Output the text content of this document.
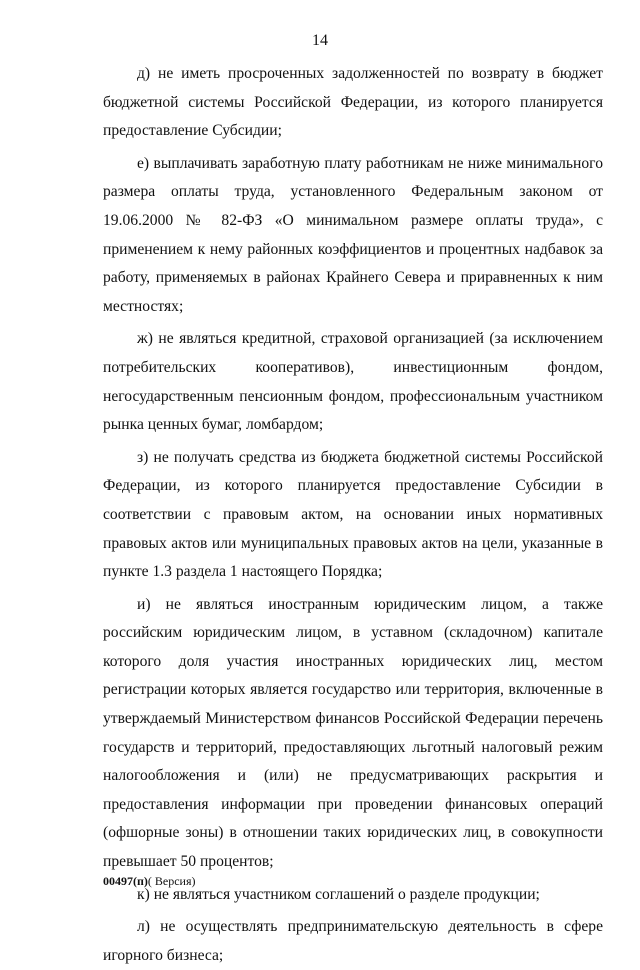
14

д) не иметь просроченных задолженностей по возврату в бюджет бюджетной системы Российской Федерации, из которого планируется предоставление Субсидии;

е) выплачивать заработную плату работникам не ниже минимального размера оплаты труда, установленного Федеральным законом от 19.06.2000 № 82-ФЗ «О минимальном размере оплаты труда», с применением к нему районных коэффициентов и процентных надбавок за работу, применяемых в районах Крайнего Севера и приравненных к ним местностях;

ж) не являться кредитной, страховой организацией (за исключением потребительских кооперативов), инвестиционным фондом, негосударственным пенсионным фондом, профессиональным участником рынка ценных бумаг, ломбардом;

з) не получать средства из бюджета бюджетной системы Российской Федерации, из которого планируется предоставление Субсидии в соответствии с правовым актом, на основании иных нормативных правовых актов или муниципальных правовых актов на цели, указанные в пункте 1.3 раздела 1 настоящего Порядка;

и) не являться иностранным юридическим лицом, а также российским юридическим лицом, в уставном (складочном) капитале которого доля участия иностранных юридических лиц, местом регистрации которых является государство или территория, включенные в утверждаемый Министерством финансов Российской Федерации перечень государств и территорий, предоставляющих льготный налоговый режим налогообложения и (или) не предусматривающих раскрытия и предоставления информации при проведении финансовых операций (офшорные зоны) в отношении таких юридических лиц, в совокупности превышает 50 процентов;

к) не являться участником соглашений о разделе продукции;

л) не осуществлять предпринимательскую деятельность в сфере игорного бизнеса;

00497(п)( Версия)
